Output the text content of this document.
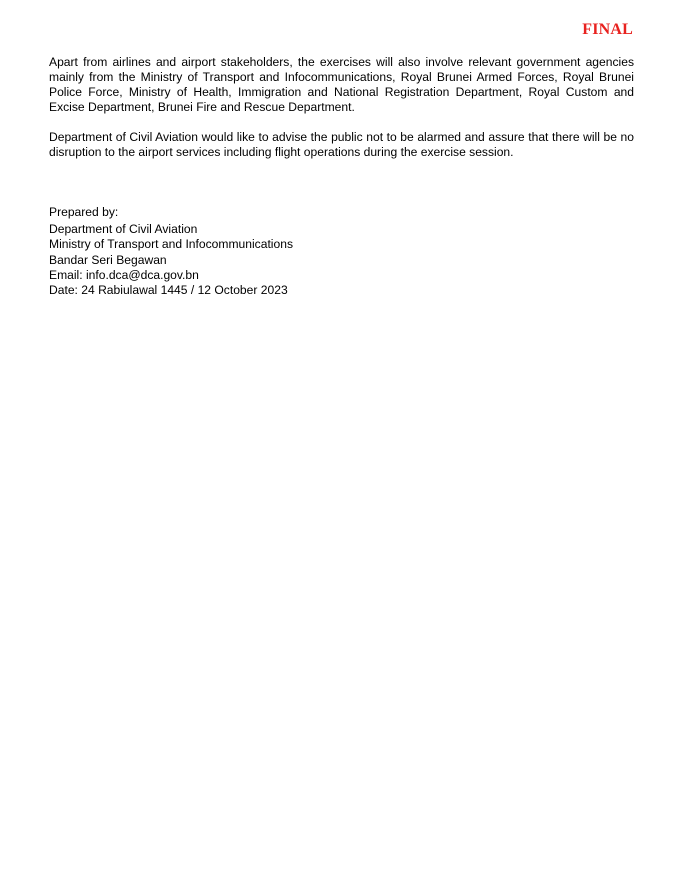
FINAL

Apart from airlines and airport stakeholders, the exercises will also involve relevant government agencies mainly from the Ministry of Transport and Infocommunications, Royal Brunei Armed Forces, Royal Brunei Police Force, Ministry of Health, Immigration and National Registration Department, Royal Custom and Excise Department, Brunei Fire and Rescue Department.

Department of Civil Aviation would like to advise the public not to be alarmed and assure that there will be no disruption to the airport services including flight operations during the exercise session.

Prepared by:
Department of Civil Aviation
Ministry of Transport and Infocommunications
Bandar Seri Begawan
Email: info.dca@dca.gov.bn
Date: 24 Rabiulawal 1445 / 12 October 2023
